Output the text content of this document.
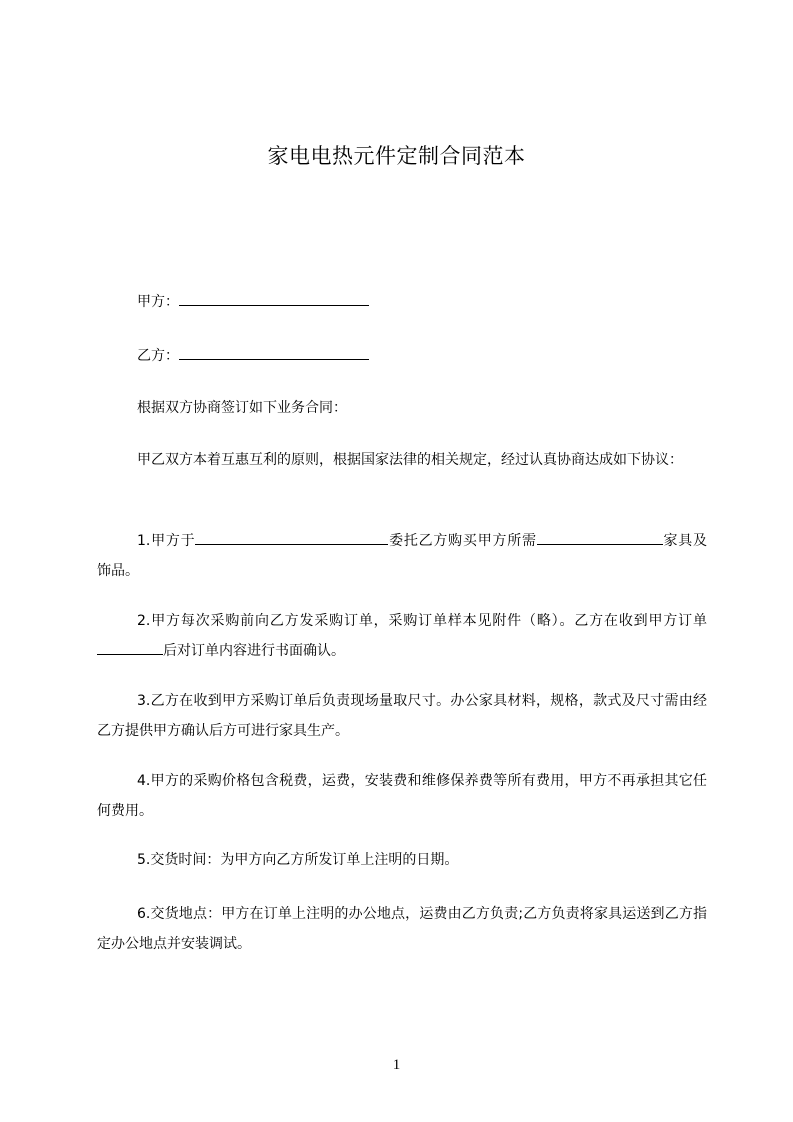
家电电热元件定制合同范本
甲方：
乙方：
根据双方协商签订如下业务合同：
甲乙双方本着互惠互利的原则，根据国家法律的相关规定，经过认真协商达成如下协议：
1.甲方于	委托乙方购买甲方所需	家具及饰品。
2.甲方每次采购前向乙方发采购订单，采购订单样本见附件（略）。乙方在收到甲方订单后对订单内容进行书面确认。
3.乙方在收到甲方采购订单后负责现场量取尺寸。办公家具材料，规格，款式及尺寸需由经乙方提供甲方确认后方可进行家具生产。
4.甲方的采购价格包含税费，运费，安装费和维修保养费等所有费用，甲方不再承担其它任何费用。
5.交货时间：为甲方向乙方所发订单上注明的日期。
6.交货地点：甲方在订单上注明的办公地点，运费由乙方负责;乙方负责将家具运送到乙方指定办公地点并安装调试。
1
